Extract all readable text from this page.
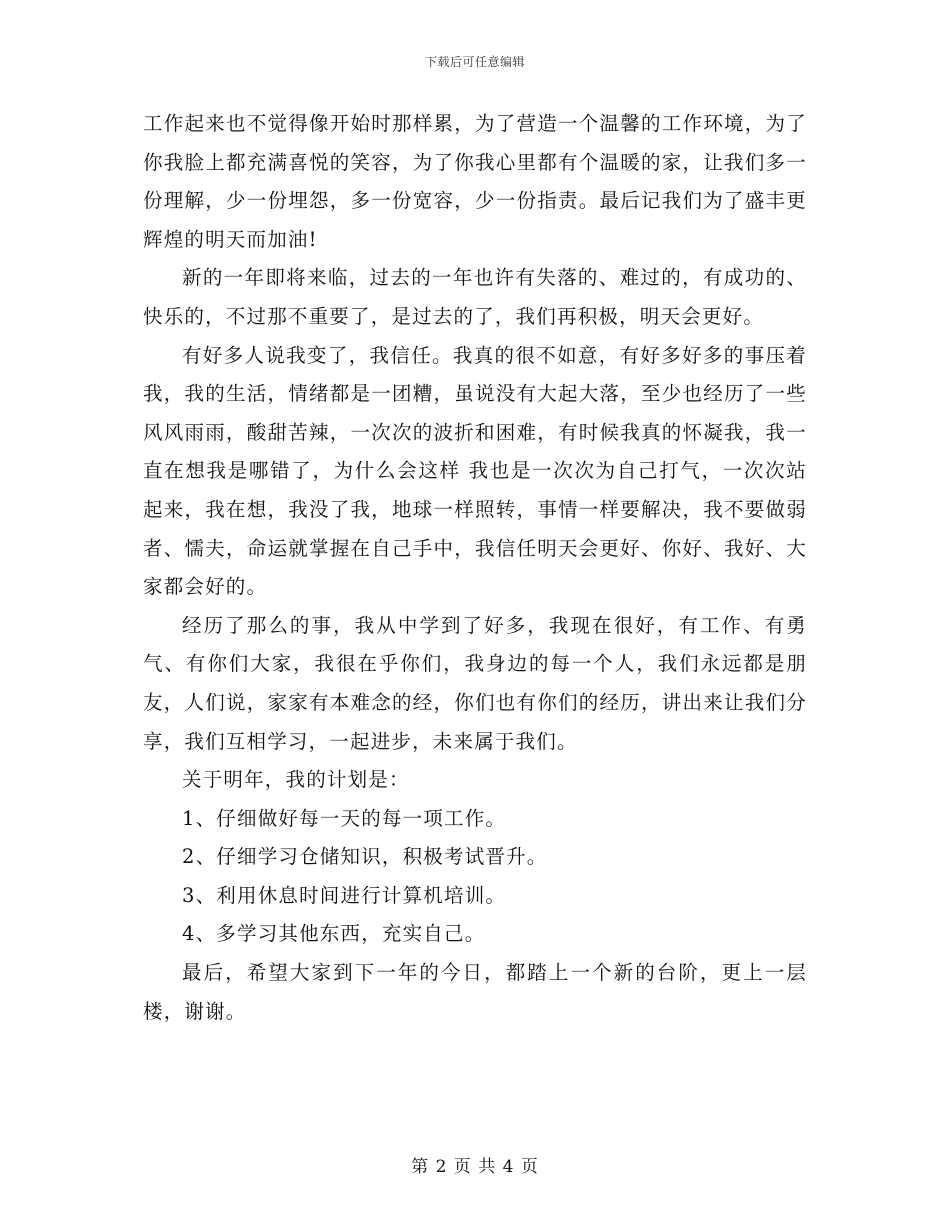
下载后可任意编辑

工作起来也不觉得像开始时那样累，为了营造一个温馨的工作环境，为了你我脸上都充满喜悦的笑容，为了你我心里都有个温暖的家，让我们多一份理解，少一份埋怨，多一份宽容，少一份指责。最后记我们为了盛丰更辉煌的明天而加油!

新的一年即将来临，过去的一年也许有失落的、难过的，有成功的、快乐的，不过那不重要了，是过去的了，我们再积极，明天会更好。

有好多人说我变了，我信任。我真的很不如意，有好多好多的事压着我，我的生活，情绪都是一团糟，虽说没有大起大落，至少也经历了一些风风雨雨，酸甜苦辣，一次次的波折和困难，有时候我真的怀凝我，我一直在想我是哪错了，为什么会这样 我也是一次次为自己打气，一次次站起来，我在想，我没了我，地球一样照转，事情一样要解决，我不要做弱者、懦夫，命运就掌握在自己手中，我信任明天会更好、你好、我好、大家都会好的。

经历了那么的事，我从中学到了好多，我现在很好，有工作、有勇气、有你们大家，我很在乎你们，我身边的每一个人，我们永远都是朋友，人们说，家家有本难念的经，你们也有你们的经历，讲出来让我们分享，我们互相学习，一起进步，未来属于我们。

关于明年，我的计划是：

1、仔细做好每一天的每一项工作。

2、仔细学习仓储知识，积极考试晋升。

3、利用休息时间进行计算机培训。

4、多学习其他东西，充实自己。

最后，希望大家到下一年的今日，都踏上一个新的台阶，更上一层楼，谢谢。

第 2 页 共 4 页
